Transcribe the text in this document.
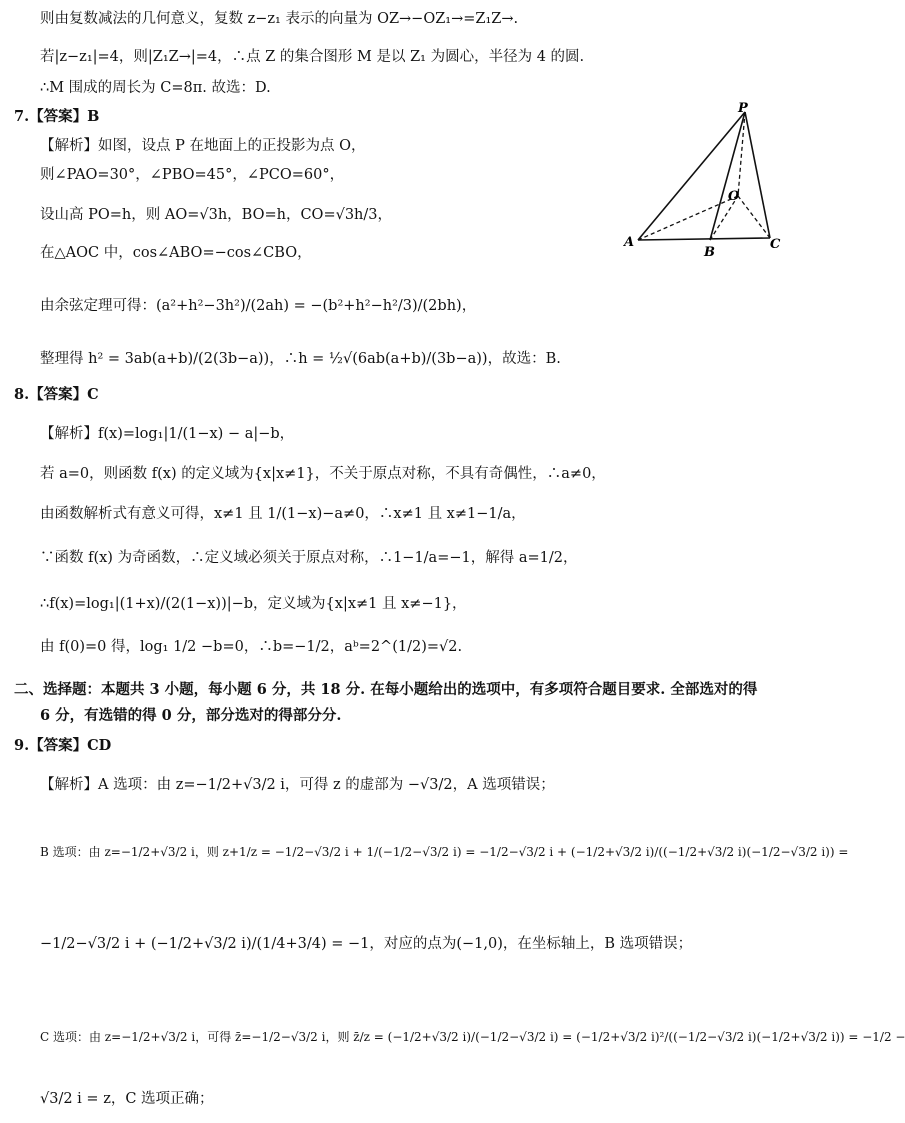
则由复数减法的几何意义，复数 z−z₁ 表示的向量为 OZ→−OZ₁→=Z₁Z→.
若|z−z₁|=4，则|Z₁Z→|=4，∴点 Z 的集合图形 M 是以 Z₁ 为圆心，半径为 4 的圆.
∴M 围成的周长为 C=8π. 故选：D.
7.【答案】B
【解析】如图，设点 P 在地面上的正投影为点 O，
则∠PAO=30°，∠PBO=45°，∠PCO=60°，
设山高 PO=h，则 AO=√3h，BO=h，CO=√3h/3，
在△AOC 中，cos∠ABO=−cos∠CBO，
由余弦定理可得：(a²+h²−3h²)/(2ah) = −(b²+h²−h²/3)/(2bh)，
整理得 h² = 3ab(a+b)/(2(3b−a))，∴h = ½√(6ab(a+b)/(3b−a))，故选：B.
P
O
A
B
C
8.【答案】C
【解析】f(x)=log₁|1/(1−x) − a|−b，
若 a=0，则函数 f(x) 的定义域为{x|x≠1}，不关于原点对称，不具有奇偶性，∴a≠0，
由函数解析式有意义可得，x≠1 且 1/(1−x)−a≠0，∴x≠1 且 x≠1−1/a，
∵函数 f(x) 为奇函数，∴定义域必须关于原点对称，∴1−1/a=−1，解得 a=1/2，
∴f(x)=log₁|(1+x)/(2(1−x))|−b，定义域为{x|x≠1 且 x≠−1}，
由 f(0)=0 得，log₁ 1/2 −b=0，∴b=−1/2，aᵇ=2^(1/2)=√2.
二、选择题：本题共 3 小题，每小题 6 分，共 18 分. 在每小题给出的选项中，有多项符合题目要求. 全部选对的得
6 分，有选错的得 0 分，部分选对的得部分分.
9.【答案】CD
【解析】A 选项：由 z=−1/2+√3/2 i，可得 z 的虚部为 −√3/2，A 选项错误；
B 选项：由 z=−1/2+√3/2 i，则 z+1/z = −1/2−√3/2 i + 1/(−1/2−√3/2 i) = −1/2−√3/2 i + (−1/2+√3/2 i)/((−1/2+√3/2 i)(−1/2−√3/2 i)) =
−1/2−√3/2 i + (−1/2+√3/2 i)/(1/4+3/4) = −1，对应的点为(−1,0)，在坐标轴上，B 选项错误；
C 选项：由 z=−1/2+√3/2 i，可得 z̄=−1/2−√3/2 i，则 z̄/z = (−1/2+√3/2 i)/(−1/2−√3/2 i) = (−1/2+√3/2 i)²/((−1/2−√3/2 i)(−1/2+√3/2 i)) = −1/2 −
√3/2 i = z，C 选项正确；
